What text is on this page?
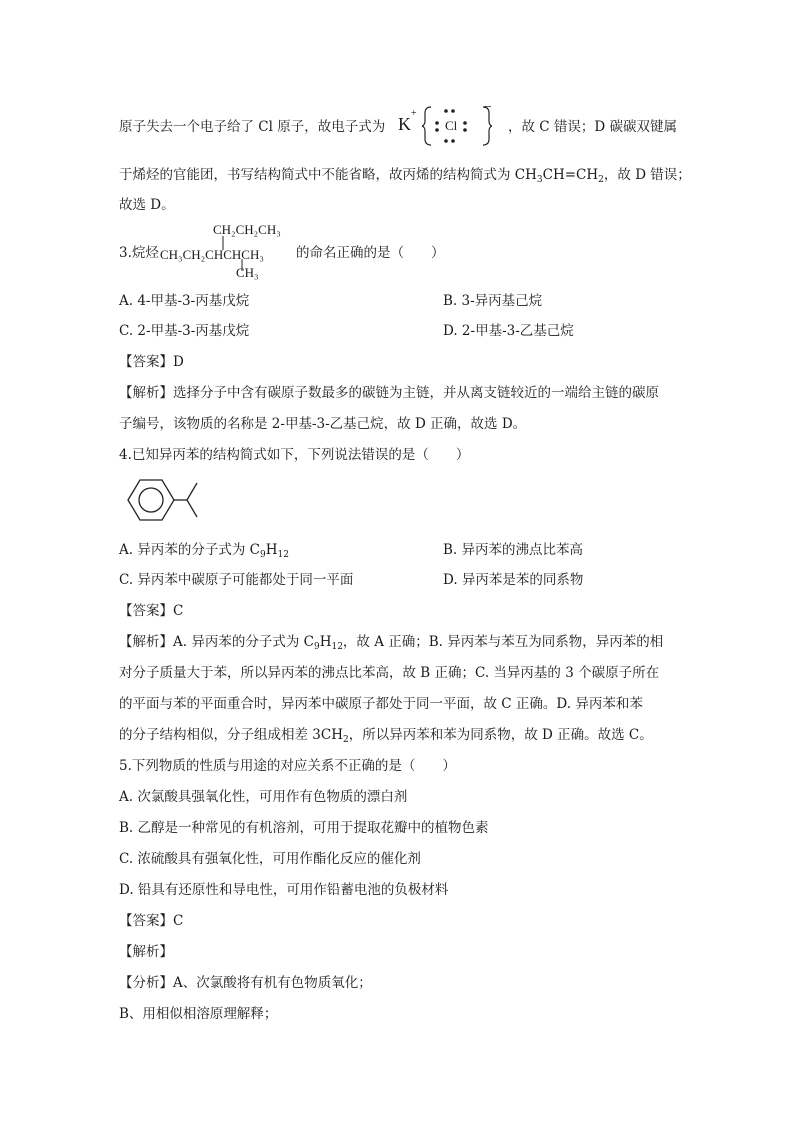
原子失去一个电子给了 Cl 原子，故电子式为 K
+
Cl
−
，故 C 错误；D 碳碳双键属
于烯烃的官能团，书写结构简式中不能省略，故丙烯的结构简式为 $CH_3CH=CH_2$，故 D 错误；
故选 D。
3.烷烃
CH₂CH₂CH₃
CH₃CH₂CHCHCH₃
CH₃
的命名正确的是（　　）
A. 4-甲基-3-丙基戊烷	B. 3-异丙基己烷
C. 2-甲基-3-丙基戊烷	D. 2-甲基-3-乙基己烷
【答案】D
【解析】选择分子中含有碳原子数最多的碳链为主链，并从离支链较近的一端给主链的碳原
子编号，该物质的名称是 2-甲基-3-乙基己烷，故 D 正确，故选 D。
4.已知异丙苯的结构简式如下，下列说法错误的是（　　）
A. 异丙苯的分子式为 $C_9H_{12}$	B. 异丙苯的沸点比苯高
C. 异丙苯中碳原子可能都处于同一平面	D. 异丙苯是苯的同系物
【答案】C
【解析】A. 异丙苯的分子式为 $C_9H_{12}$，故 A 正确；B. 异丙苯与苯互为同系物，异丙苯的相
对分子质量大于苯，所以异丙苯的沸点比苯高，故 B 正确；C. 当异丙基的 3 个碳原子所在
的平面与苯的平面重合时，异丙苯中碳原子都处于同一平面，故 C 正确。D. 异丙苯和苯
的分子结构相似，分子组成相差 $3CH_2$，所以异丙苯和苯为同系物，故 D 正确。故选 C。
5.下列物质的性质与用途的对应关系不正确的是（　　）
A. 次氯酸具强氧化性，可用作有色物质的漂白剂
B. 乙醇是一种常见的有机溶剂，可用于提取花瓣中的植物色素
C. 浓硫酸具有强氧化性，可用作酯化反应的催化剂
D. 铅具有还原性和导电性，可用作铅蓄电池的负极材料
【答案】C
【解析】
【分析】A、次氯酸将有机有色物质氧化；
B、用相似相溶原理解释；
